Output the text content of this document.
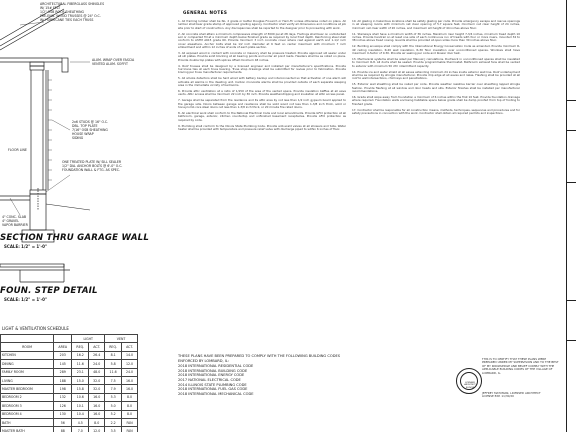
ARCHITECTURAL FIBERGLASS SHINGLES
W/ 15# FELT
1/2" OSB ROOF SHEATHING
PRE-ENG. WOOD TRUSSES @ 24" O.C.
W/ HURRICANE TIES EACH TRUSS
ALUM. WRAP OVER FASCIA
VENTED ALUM. SOFFIT
2x6 STUDS @ 16" O.C.
DBL. TOP PLATE
7/16" OSB SHEATHING
HOUSE WRAP
SIDING
FLOOR LINE
ONE TREATED PLATE W/ SILL SEALER
1/2" DIA. ANCHOR BOLTS @ 6'-0" O.C.
FOUNDATION WALL & FTG. AS SPEC.
4" CONC. SLAB
4" GRAVEL
VAPOR BARRIER
SECTION THRU GARAGE WALL
SCALE: 1/2" = 1'-0"
FOUN. STEP DETAIL
SCALE: 1/2" = 1'-0"
LIGHT & VENTILATION SCHEDULE
		LIGHT		VENT	
ROOM	AREA	REQ.	ACT.	REQ.	ACT.
KITCHEN	203	16.2	26.4	8.1	14.0
DINING	145	11.6	24.0	5.8	12.0
FAMILY ROOM	289	23.1	48.0	11.6	24.0
LIVING	188	15.0	32.0	7.5	16.0
MASTER BEDROOM	198	15.8	32.0	7.9	16.0
BEDROOM 2	132	10.6	16.0	5.3	8.0
BEDROOM 3	126	10.1	16.0	5.0	8.0
BEDROOM 4	130	10.4	16.0	5.2	8.0
BATH	56	4.5	8.0	2.2	FAN
MASTER BATH	88	7.0	12.0	3.5	FAN
GENERAL NOTES

1. All framing lumber shall be No. 2 grade or better Douglas Fir-Larch or Hem-Fir unless otherwise noted on plans. All lumber shall bear grade stamp of approved grading agency. Contractor shall verify all dimensions and conditions at job site prior to start of construction. Any discrepancies shall be reported to the designer prior to proceeding with work.

2. All concrete shall attain a minimum compressive strength of 3000 psi at 28 days. Footings shall bear on undisturbed soil or compacted fill at a minimum depth below finished grade as required by local frost depth. Reinforcing steel shall conform to ASTM A615 grade 60. Provide minimum 3 inch concrete cover where cast against earth and 1-1/2 inch cover elsewhere. Anchor bolts shall be 1/2 inch diameter at 6 feet on center maximum with minimum 7 inch embedment and within 12 inches of ends of each plate section.

3. All exposed wood in contact with concrete or masonry shall be pressure treated. Provide approved sill sealer under all sill plates. Provide solid blocking at all bearing points and under all point loads. Headers shall be as noted on plans. Provide double top plates with splices offset minimum 48 inches.

4. Roof trusses shall be designed by a licensed engineer and installed per manufacturer's specifications. Provide hurricane ties at each truss bearing. Truss shop drawings shall be submitted for review prior to fabrication. Provide bracing per truss manufacturer requirements.

5. All smoke detectors shall be hard wired with battery backup and interconnected so that activation of one alarm will activate all alarms in the dwelling unit. Carbon monoxide alarms shall be provided outside of each separate sleeping area in the immediate vicinity of bedrooms.

6. Provide attic ventilation at a ratio of 1/150 of the area of the vented space. Provide insulation baffles at all eave vents. Attic access shall be minimum 22 inch by 30 inch. Provide weatherstripping and insulation at attic access panel.

7. Garage shall be separated from the residence and its attic area by not less than 1/2 inch gypsum board applied to the garage side. Doors between garage and residence shall be solid wood not less than 1-3/8 inch thick, solid or honeycomb core steel doors not less than 1-3/8 inch thick, or 20 minute fire rated doors.

8. All electrical work shall conform to the National Electrical Code and local amendments. Provide GFCI protection at all bathroom, garage, exterior, kitchen countertop and unfinished basement receptacles. Provide AFCI protection as required by code.

9. Plumbing shall conform to the Illinois State Plumbing Code. Provide anti-scald valves at all showers and tubs. Water heater shall be provided with temperature and pressure relief valve with discharge piped to within 6 inches of floor.

10. All glazing in hazardous locations shall be safety glazing per code. Provide emergency escape and rescue openings in all sleeping rooms with minimum net clear opening of 5.7 square feet, minimum net clear height of 24 inches, minimum net clear width of 20 inches, and maximum sill height of 44 inches above floor.

11. Stairways shall have a minimum width of 36 inches. Maximum riser height 7-3/4 inches, minimum tread depth 10 inches. Provide handrail on at least one side of each continuous run of treads with four or more risers, mounted 34 to 38 inches above tread nosing. Guards shall be provided at open sides more than 30 inches above floor.

12. Building envelope shall comply with the International Energy Conservation Code as amended. Provide minimum R-49 ceiling insulation, R-20 wall insulation, R-30 floor insulation over unconditioned spaces. Windows shall have maximum U-factor of 0.30. Provide air sealing per code and blower door test.

13. Mechanical systems shall be sized per Manual J calculations. Ductwork in unconditioned spaces shall be insulated to minimum R-8. All ducts shall be sealed. Provide programmable thermostat. Bathroom exhaust fans shall be vented to exterior with minimum 50 cfm intermittent capacity.

14. Provide ice and water shield at all eaves extending minimum 24 inches inside exterior wall line. Roof underlayment shall be as required by shingle manufacturer. Provide drip edge at all eaves and rakes. Flashing shall be provided at all roof to wall intersections, chimneys and penetrations.

15. Exterior wall sheathing shall be nailed per code. Provide weather resistive barrier over sheathing lapped shingle fashion. Provide flashing at all window and door heads and sills. Exterior finishes shall be installed per manufacturer recommendations.

16. Grade shall slope away from foundation a minimum of 6 inches within the first 10 feet. Provide foundation drainage where required. Foundation walls enclosing habitable space below grade shall be damp proofed from top of footing to finished grade.

17. Contractor shall be responsible for all construction means, methods, techniques, sequences and procedures and for safety precautions in connection with the work. Contractor shall obtain all required permits and inspections.

THESE PLANS HAVE BEEN PREPARED TO COMPLY WITH THE FOLLOWING BUILDING CODES ENFORCED BY LOMBARD, IL:
2018 INTERNATIONAL RESIDENTIAL CODE
2018 INTERNATIONAL BUILDING CODE
2018 INTERNATIONAL ENERGY CODE
2017 NATIONAL ELECTRICAL CODE
2014 ILLINOIS STATE PLUMBING CODE
2018 INTERNATIONAL FUEL GAS CODE
2018 INTERNATIONAL MECHANICAL CODE
LICENSED ARCHITECT ILLINOIS
THIS IS TO CERTIFY THAT THESE PLANS WERE PREPARED UNDER MY SUPERVISION AND TO THE BEST OF MY KNOWLEDGE AND BELIEF COMPLY WITH THE APPLICABLE BUILDING CODES OF THE VILLAGE OF LOMBARD, IL.
JEFFREY MATUMAN, LICENSED ARCHITECT
LICENSE EXP. 11/30/20
